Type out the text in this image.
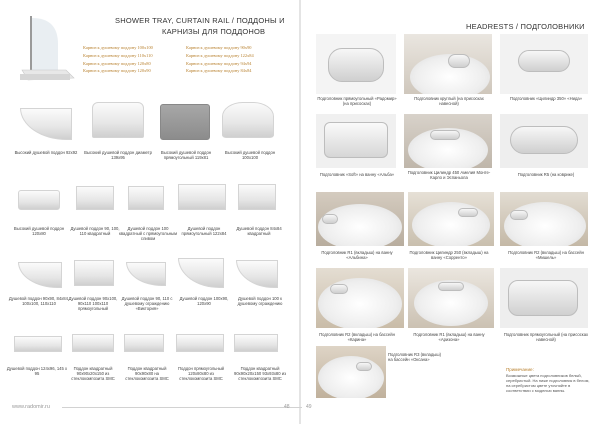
SHOWER TRAY, CURTAIN RAIL / ПОДДОНЫ И
КАРНИЗЫ ДЛЯ ПОДДОНОВ
Карниз к душевому поддону 100х100
Карниз к душевому поддону 110х110
Карниз к душевому поддону 120х80
Карниз к душевому поддону 120х90
Карниз к душевому поддону 90х90
Карниз к душевому поддону 122х84
Карниз к душевому поддону 94х94
Карниз к душевому поддону 84х84
Высокий душевой поддон 92х92	Высокий душевой поддон диаметр 139х95
Высокий душевой поддон прямоугольный 119х81
Высокий душевой поддон 100х100
Высокий душевой поддон 120х80
Душевой поддон 90, 100, 110 квадратный
Душевой поддон 100 квадратный с прямоугольным сливом
Душевой поддон прямоугольный 122х84
Душевой поддон 84х84 квадратный
Душевой поддон 90х90, 84х84, 100х100, 110х110
Душевой поддон 90х100, 90х110 100х110 прямоугольный
Душевой поддон 90, 110 с душевому ограждению «Виктория»
Душевой поддон 100х90, 120х90
Душевой поддон 100 к душевому ограждению
Душевой поддон 124х96, 145 х 95
Поддон квадратный 90х90х20х150 из стеклокомпозита SMC
Поддон квадратный 90х90х80 на стеклокомпозита SMC
Поддон прямоугольный 120х80х80 из стеклокомпозита SMC
Поддон квадратный 90х90х20х150 93х93х80 из стеклокомпозита SMC
www.radomir.ru	48
HEADRESTS / ПОДГОЛОВНИКИ
Подголовник прямоугольный «Радомир» (на присосках)
Подголовник круглый (на присосках навесной)
Подголовник «Цилиндр 350» «Нида»
Подголовник «Soft» на ванну «Альба»	Подголовник Цилиндр 450 Амелия Монте-Карло и Эспаньола
Подголовник R5 (на коврике)
Подголовник R1 (вкладыш) на ванну «Альбина»
Подголовник Цилиндр 250 (вкладыш) на ванну «Сорренто»
Подголовник R2 (вкладыш) на бассейн «Мишель»
Подголовник R2 (вкладыш) на бассейн «Карина»
Подголовник R1 (вкладыш) на ванну «Аризона»
Подголовник прямоугольный (на присосках навесной)
Подголовник R3 (вкладыш) на бассейн «Оксана»
Примечание:
Возможные цвета подголовников белый, серебристый. На ниже подголовник в белом, на серебристом цвете уточняйте в соответствии с моделью ванны.
49
